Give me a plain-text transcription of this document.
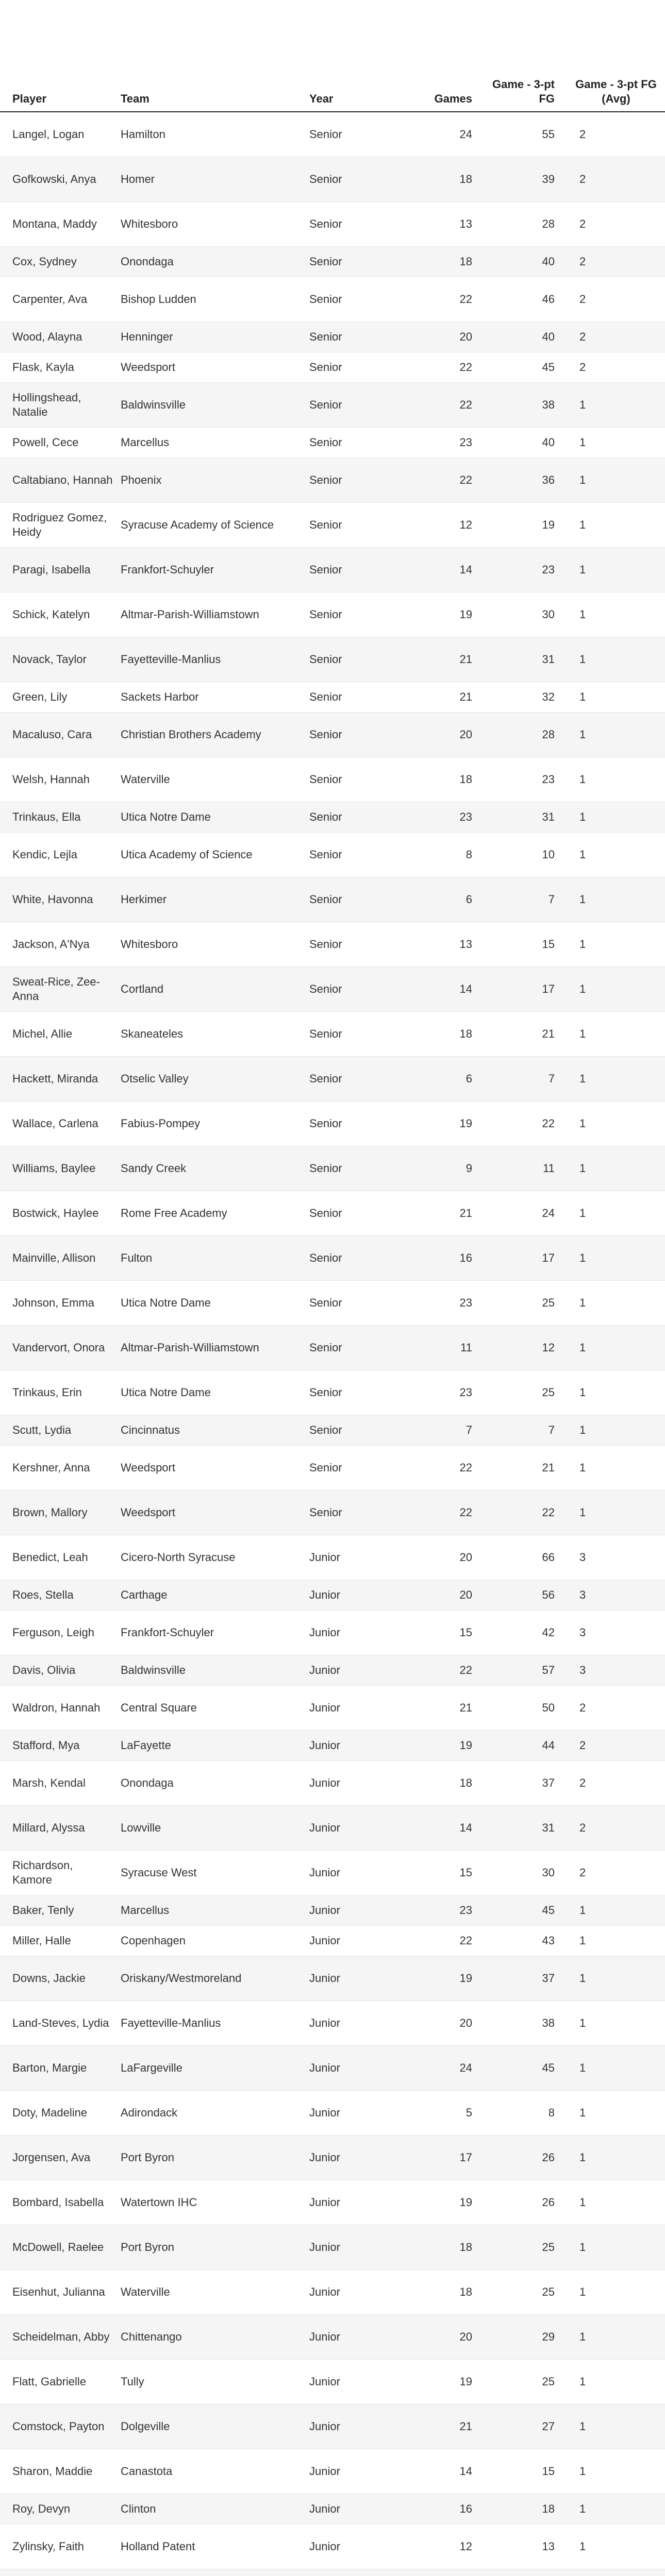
Player	Team	Year	Games	Game - 3-pt FG	Game - 3-pt FG (Avg)
Langel, Logan	Hamilton	Senior	24	55	2
Gofkowski, Anya	Homer	Senior	18	39	2
Montana, Maddy	Whitesboro	Senior	13	28	2
Cox, Sydney	Onondaga	Senior	18	40	2
Carpenter, Ava	Bishop Ludden	Senior	22	46	2
Wood, Alayna	Henninger	Senior	20	40	2
Flask, Kayla	Weedsport	Senior	22	45	2
Hollingshead, Natalie	Baldwinsville	Senior	22	38	1
Powell, Cece	Marcellus	Senior	23	40	1
Caltabiano, Hannah	Phoenix	Senior	22	36	1
Rodriguez Gomez, Heidy	Syracuse Academy of Science	Senior	12	19	1
Paragi, Isabella	Frankfort-Schuyler	Senior	14	23	1
Schick, Katelyn	Altmar-Parish-Williamstown	Senior	19	30	1
Novack, Taylor	Fayetteville-Manlius	Senior	21	31	1
Green, Lily	Sackets Harbor	Senior	21	32	1
Macaluso, Cara	Christian Brothers Academy	Senior	20	28	1
Welsh, Hannah	Waterville	Senior	18	23	1
Trinkaus, Ella	Utica Notre Dame	Senior	23	31	1
Kendic, Lejla	Utica Academy of Science	Senior	8	10	1
White, Havonna	Herkimer	Senior	6	7	1
Jackson, A'Nya	Whitesboro	Senior	13	15	1
Sweat-Rice, Zee-Anna	Cortland	Senior	14	17	1
Michel, Allie	Skaneateles	Senior	18	21	1
Hackett, Miranda	Otselic Valley	Senior	6	7	1
Wallace, Carlena	Fabius-Pompey	Senior	19	22	1
Williams, Baylee	Sandy Creek	Senior	9	11	1
Bostwick, Haylee	Rome Free Academy	Senior	21	24	1
Mainville, Allison	Fulton	Senior	16	17	1
Johnson, Emma	Utica Notre Dame	Senior	23	25	1
Vandervort, Onora	Altmar-Parish-Williamstown	Senior	11	12	1
Trinkaus, Erin	Utica Notre Dame	Senior	23	25	1
Scutt, Lydia	Cincinnatus	Senior	7	7	1
Kershner, Anna	Weedsport	Senior	22	21	1
Brown, Mallory	Weedsport	Senior	22	22	1
Benedict, Leah	Cicero-North Syracuse	Junior	20	66	3
Roes, Stella	Carthage	Junior	20	56	3
Ferguson, Leigh	Frankfort-Schuyler	Junior	15	42	3
Davis, Olivia	Baldwinsville	Junior	22	57	3
Waldron, Hannah	Central Square	Junior	21	50	2
Stafford, Mya	LaFayette	Junior	19	44	2
Marsh, Kendal	Onondaga	Junior	18	37	2
Millard, Alyssa	Lowville	Junior	14	31	2
Richardson, Kamore	Syracuse West	Junior	15	30	2
Baker, Tenly	Marcellus	Junior	23	45	1
Miller, Halle	Copenhagen	Junior	22	43	1
Downs, Jackie	Oriskany/Westmoreland	Junior	19	37	1
Land-Steves, Lydia	Fayetteville-Manlius	Junior	20	38	1
Barton, Margie	LaFargeville	Junior	24	45	1
Doty, Madeline	Adirondack	Junior	5	8	1
Jorgensen, Ava	Port Byron	Junior	17	26	1
Bombard, Isabella	Watertown IHC	Junior	19	26	1
McDowell, Raelee	Port Byron	Junior	18	25	1
Eisenhut, Julianna	Waterville	Junior	18	25	1
Scheidelman, Abby	Chittenango	Junior	20	29	1
Flatt, Gabrielle	Tully	Junior	19	25	1
Comstock, Payton	Dolgeville	Junior	21	27	1
Sharon, Maddie	Canastota	Junior	14	15	1
Roy, Devyn	Clinton	Junior	16	18	1
Zylinsky, Faith	Holland Patent	Junior	12	13	1
